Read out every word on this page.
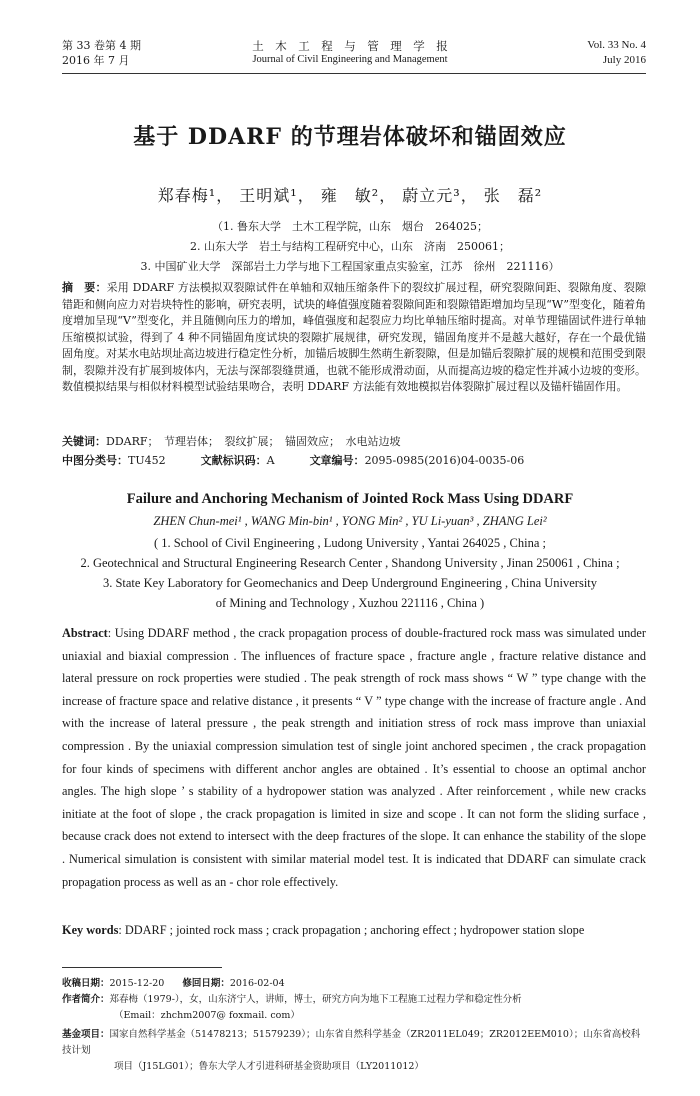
第 33 卷第 4 期
2016 年 7 月
土　木　工　程　与　管　理　学　报
Journal of Civil Engineering and Management
Vol. 33 No. 4
July 2016
基于 DDARF 的节理岩体破坏和锚固效应
郑春梅¹， 王明斌¹， 雍　敏²， 蔚立元³， 张　磊²
（1. 鲁东大学　土木工程学院，山东　烟台　264025；
2. 山东大学　岩土与结构工程研究中心，山东　济南　250061；
3. 中国矿业大学　深部岩土力学与地下工程国家重点实验室，江苏　徐州　221116）
摘　要：采用 DDARF 方法模拟双裂隙试件在单轴和双轴压缩条件下的裂纹扩展过程，研究裂隙间距、裂隙角度、裂隙错距和侧向应力对岩块特性的影响，研究表明，试块的峰值强度随着裂隙间距和裂隙错距增加均呈现“W”型变化，随着角度增加呈现“V”型变化，并且随侧向压力的增加，峰值强度和起裂应力均比单轴压缩时提高。对单节理锚固试件进行单轴压缩模拟试验，得到了 4 种不同锚固角度试块的裂隙扩展规律，研究发现，锚固角度并不是越大越好，存在一个最优锚固角度。对某水电站坝址高边坡进行稳定性分析，加锚后坡脚生然萌生新裂隙，但是加锚后裂隙扩展的规模和范围受到限制，裂隙并没有扩展到坡体内，无法与深部裂缝贯通，也就不能形成滑动面，从而提高边坡的稳定性并减小边坡的变形。数值模拟结果与相似材料模型试验结果吻合，表明 DDARF 方法能有效地模拟岩体裂隙扩展过程以及锚杆锚固作用。
关键词：DDARF；　节理岩体；　裂纹扩展；　锚固效应；　水电站边坡
中图分类号：TU452	文献标识码：A	文章编号：2095-0985(2016)04-0035-06
Failure and Anchoring Mechanism of Jointed Rock Mass Using DDARF
ZHEN Chun-mei¹ , WANG Min-bin¹ , YONG Min² , YU Li-yuan³ , ZHANG Lei²
( 1. School of Civil Engineering , Ludong University , Yantai 264025 , China ;
2. Geotechnical and Structural Engineering Research Center , Shandong University , Jinan 250061 , China ;
3. State Key Laboratory for Geomechanics and Deep Underground Engineering , China University
of Mining and Technology , Xuzhou 221116 , China )
Abstract: Using DDARF method , the crack propagation process of double-fractured rock mass was simulated under uniaxial and biaxial compression . The influences of fracture space , fracture angle , fracture relative distance and lateral pressure on rock properties were studied . The peak strength of rock mass shows “ W ” type change with the increase of fracture space and relative distance , it presents “ V ” type change with the increase of fracture angle . And with the increase of lateral pressure , the peak strength and initiation stress of rock mass improve than uniaxial compression . By the uniaxial compression simulation test of single joint anchored specimen , the crack propagation for four kinds of specimens with different anchor angles are obtained . It’s essential to choose an optimal anchor angles. The high slope ’ s stability of a hydropower station was analyzed . After reinforcement , while new cracks initiate at the foot of slope , the crack propagation is limited in size and scope . It can not form the sliding surface , because crack does not extend to intersect with the deep fractures of the slope. It can enhance the stability of the slope . Numerical simulation is consistent with similar material model test. It is indicated that DDARF can simulate crack propagation process as well as an - chor role effectively.
Key words: DDARF ; jointed rock mass ; crack propagation ; anchoring effect ; hydropower station slope
收稿日期：2015-12-20 修回日期：2016-02-04
作者简介：郑春梅（1979-），女，山东济宁人，讲师，博士，研究方向为地下工程施工过程力学和稳定性分析
（Email：zhchm2007@ foxmail. com）
基金项目：国家自然科学基金（51478213；51579239）；山东省自然科学基金（ZR2011EL049；ZR2012EEM010）；山东省高校科技计划
项目（J15LG01）；鲁东大学人才引进科研基金资助项目（LY2011012）
